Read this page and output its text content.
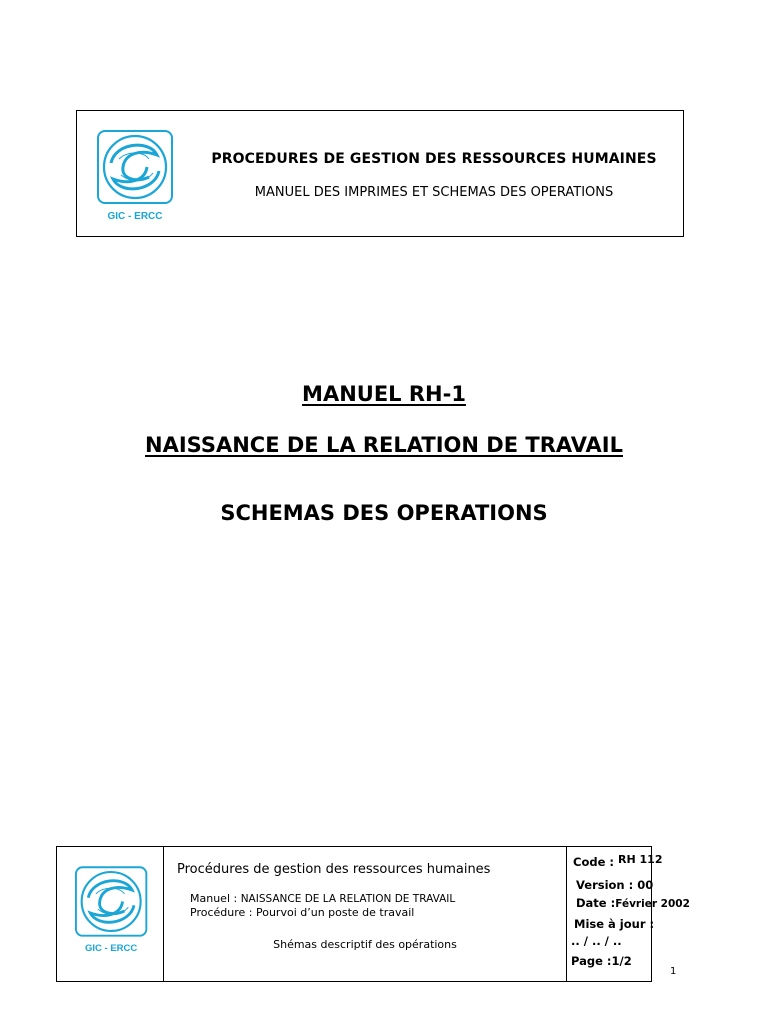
GIC - ERCC
PROCEDURES DE GESTION DES RESSOURCES HUMAINES
MANUEL DES IMPRIMES ET SCHEMAS DES OPERATIONS
MANUEL RH-1
NAISSANCE DE LA RELATION DE TRAVAIL
SCHEMAS DES OPERATIONS
GIC - ERCC
Procédures de gestion des ressources humaines
Manuel : NAISSANCE DE LA RELATION DE TRAVAIL
Procédure : Pourvoi d’un poste de travail
Shémas descriptif des opérations
Code : RH 112
Version : 00
Date :Février 2002
Mise à jour :
.. / .. / ..
Page :1/2
1
